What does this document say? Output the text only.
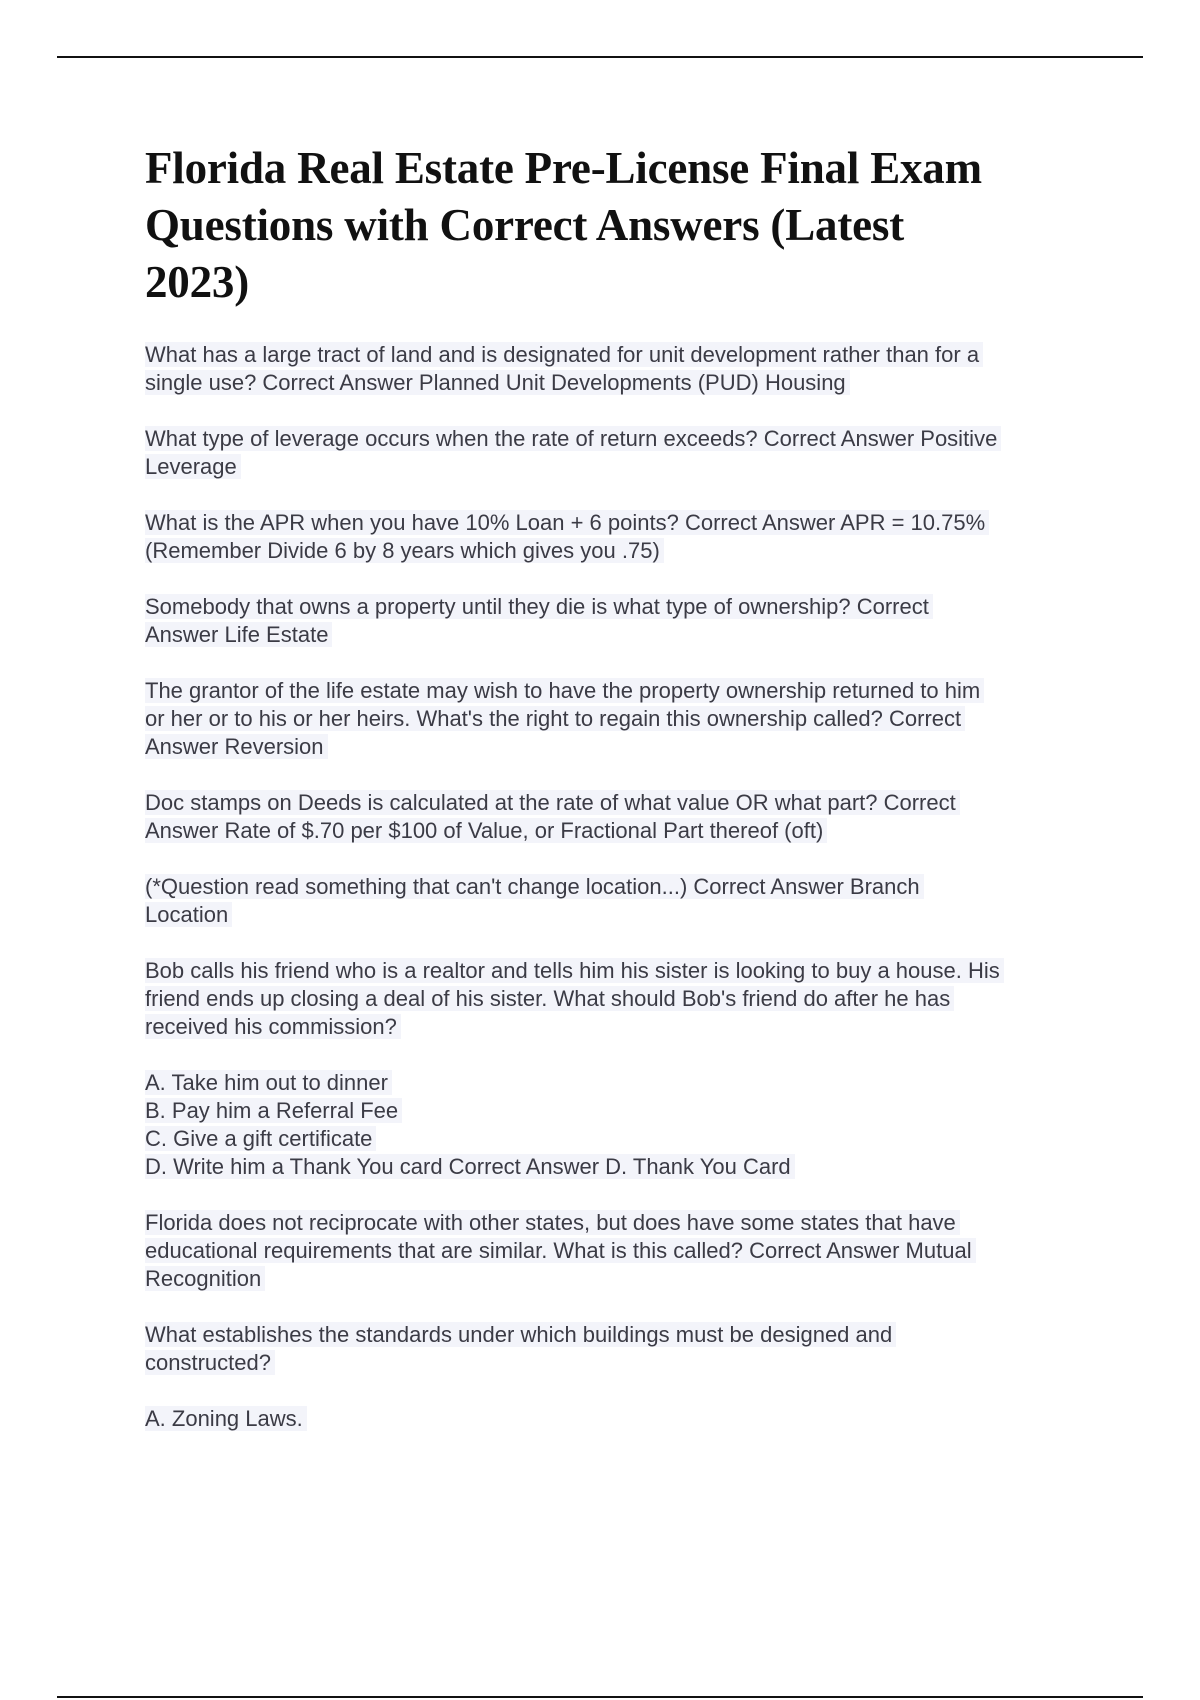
Florida Real Estate Pre-License Final Exam
Questions with Correct Answers (Latest
2023)
What has a large tract of land and is designated for unit development rather than for a
single use? Correct Answer Planned Unit Developments (PUD) Housing
What type of leverage occurs when the rate of return exceeds? Correct Answer Positive
Leverage
What is the APR when you have 10% Loan + 6 points? Correct Answer APR = 10.75%
(Remember Divide 6 by 8 years which gives you .75)
Somebody that owns a property until they die is what type of ownership? Correct
Answer Life Estate
The grantor of the life estate may wish to have the property ownership returned to him
or her or to his or her heirs. What's the right to regain this ownership called? Correct
Answer Reversion
Doc stamps on Deeds is calculated at the rate of what value OR what part? Correct
Answer Rate of $.70 per $100 of Value, or Fractional Part thereof (oft)
(*Question read something that can't change location...) Correct Answer Branch
Location
Bob calls his friend who is a realtor and tells him his sister is looking to buy a house. His
friend ends up closing a deal of his sister. What should Bob's friend do after he has
received his commission?
A. Take him out to dinner
B. Pay him a Referral Fee
C. Give a gift certificate
D. Write him a Thank You card Correct Answer D. Thank You Card
Florida does not reciprocate with other states, but does have some states that have
educational requirements that are similar. What is this called? Correct Answer Mutual
Recognition
What establishes the standards under which buildings must be designed and
constructed?
A. Zoning Laws.
